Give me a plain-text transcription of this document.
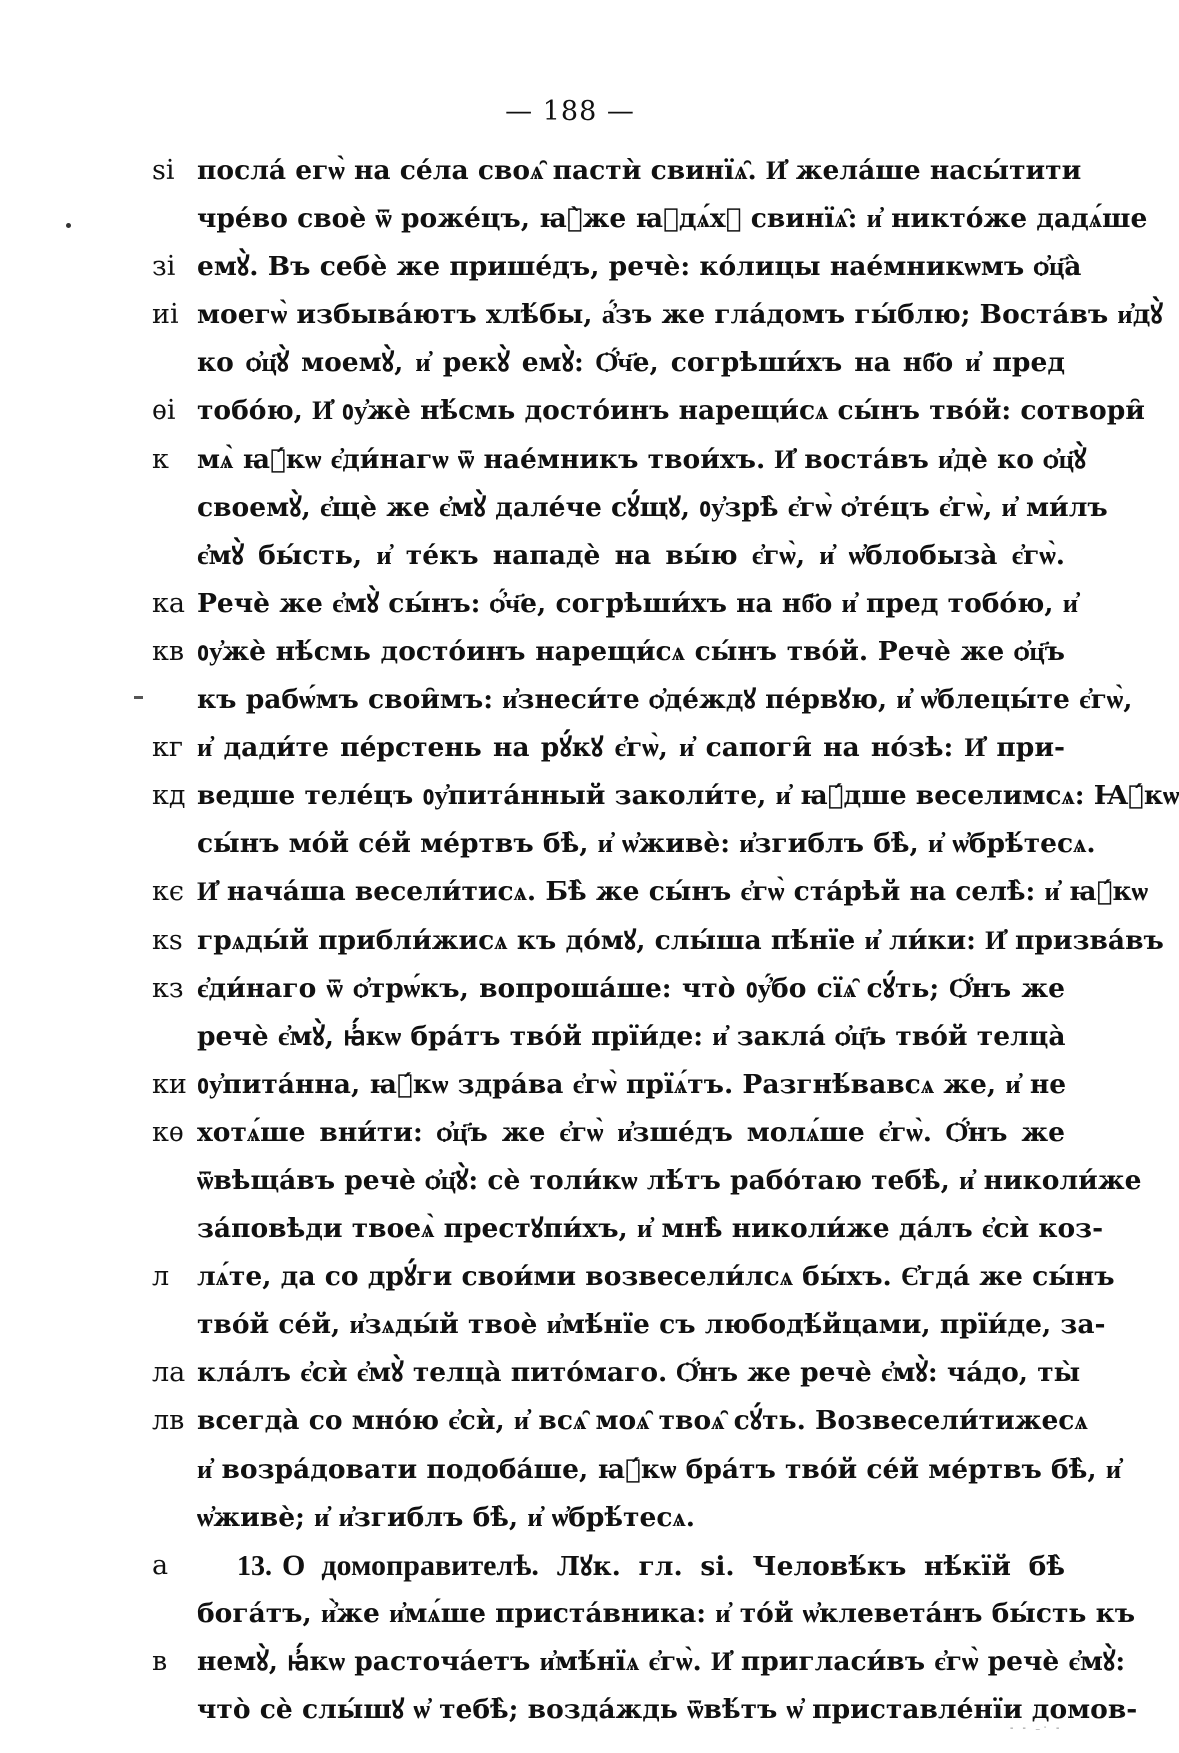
— 188 —
ѕі послá егѡ̀ на сéла своѧ̑ пастѝ свинїѧ̑. И҆ желáше насы́тити
чре́во своѐ ѿ рожéцъ, ꙗ҆̀же ꙗ҆дѧ́хꙋ свинїѧ̑: и҆ никтóже дадѧ́ше
зі емꙋ̀. Въ себѐ же пришéдъ, речѐ: кóлицы наéмникѡмъ ѻ҆ц҃а̀
иі моегѡ̀ избывáютъ хлѣ́бы, а҆́зъ же глáдомъ гы́блю; Востáвъ и҆дꙋ̀
ко ѻ҆ц҃ꙋ̀ моемꙋ̀, и҆ рекꙋ̀ емꙋ̀: Ѻ҆́ч҃е, согрѣши́хъ на нб҃о и҆ пред
ѳі тобóю, И҆ ᲂу҆жѐ нѣ́смь достóинъ нарещи́сѧ сы́нъ твóй: сотвори̑
к	мѧ̀ ꙗ҆́кѡ є҆ди́нагѡ ѿ наéмникъ твои́хъ. И҆ востáвъ и҆дѐ ко ѻ҆ц҃ꙋ̀
своемꙋ̀, є҆щѐ же є҆мꙋ̀ далéче сꙋ́щꙋ, ᲂу҆зрѣ̀ є҆гѡ̀ ѻ҆те́цъ є҆гѡ̀, и҆ ми́лъ
є҆мꙋ̀ бы́сть, и҆ тéкъ нападѐ на вы́ю є҆гѡ̀, и҆ ѡ҆блобыза̀ є҆гѡ̀.
ка Речѐ же є҆мꙋ̀ сы́нъ: ѻ҆́ч҃е, согрѣши́хъ на нб҃о и҆ пред тобóю, и҆
кв ᲂу҆жѐ нѣ́смь достóинъ нарещи́сѧ сы́нъ твóй. Речѐ же ѻ҆ц҃ъ
къ рабѡ́мъ свои̑мъ: и҆знеси́те ѻ҆де́ждꙋ пéрвꙋю, и҆ ѡ҆блецы́те є҆гѡ̀,
кг и҆ дади́те пéрстень на рꙋ́кꙋ є҆гѡ̀, и҆ сапоги̑ на нóзѣ: И҆ при-
кд ведше телéцъ ᲂу҆питáнный заколи́те, и҆ ꙗ҆́дше веселимсѧ: Ꙗ҆́кѡ
сы́нъ мóй сéй мéртвъ бѣ̀, и҆ ѡ҆живѐ: и҆згиблъ бѣ̀, и҆ ѡ҆брѣ́тесѧ.
кє И҆ начáша весели́тисѧ. Бѣ̀ же сы́нъ є҆гѡ̀ стáрѣй на селѣ̀: и҆ ꙗ҆́кѡ
кѕ грѧды́й прибли́жисѧ къ до́мꙋ, слы́ша пѣ́нїе и҆ ли́ки: И҆ призвáвъ
кз є҆ди́наго ѿ ѻ҆трѡ́къ, вопрошáше: что̀ ᲂу҆́бо сїѧ̑ сꙋ́ть; Ѻ҆́нъ же
речѐ є҆мꙋ̀, ꙗ҆́кѡ бра́тъ твóй прїи́де: и҆ заклá ѻ҆ц҃ъ твóй телца̀
ки ᲂу҆питáнна, ꙗ҆́кѡ здрáва є҆гѡ̀ прїѧ́тъ. Разгнѣ́вавсѧ же, и҆ не
кѳ хотѧ́ше вни́ти: ѻ҆ц҃ъ же є҆гѡ̀ и҆зшéдъ молѧ́ше є҆гѡ̀. Ѻ҆́нъ же
ѿвѣщáвъ речѐ ѻ҆ц҃ꙋ̀: сѐ толи́кѡ лѣ́тъ рабóтаю тебѣ̀, и҆ николи́же
зáповѣди твоеѧ̀ престꙋпи́хъ, и҆ мнѣ̀ николи́же дáлъ є҆сѝ коз-
л	лѧ́те, да со дрꙋ́ги свои́ми возвесели́лсѧ бы́хъ. Є҆гдá же сы́нъ
твóй сéй, и҆зѧды́й твоѐ и҆мѣ́нїе съ любодѣ́йцами, прїи́де, за-
ла клáлъ є҆сѝ є҆мꙋ̀ телца̀ питóмаго. Ѻ҆́нъ же речѐ є҆мꙋ̀: чáдо, ты̀
лв всегда̀ со мнóю є҆сѝ, и҆ всѧ̑ моѧ̑ твоѧ̑ сꙋ́ть. Возвесели́тижесѧ
и҆ возрáдовати подобáше, ꙗ҆́кѡ бра́тъ твóй сéй мéртвъ бѣ̀, и҆
ѡ҆живѐ; и҆ и҆згиблъ бѣ̀, и҆ ѡ҆брѣ́тесѧ.
а	13. О домоправителѣ. Лꙋк. гл. ѕі. Человѣ́къ нѣ́кїй бѣ̀
богáтъ, и҆̀же и҆мѧ́ше пристáвника: и҆ тóй ѡ҆клеветáнъ бы́сть къ
в	немꙋ̀, ꙗ҆́кѡ расточáетъ и҆мѣ́нїѧ є҆гѡ̀. И҆ пригласи́въ є҆гѡ̀ речѐ є҆мꙋ̀:
что̀ сѐ слы́шꙋ ѡ҆ тебѣ̀; воздáждь ѿвѣ́тъ ѡ҆ приставлéнїи домов-
- - ₋ˑ -
